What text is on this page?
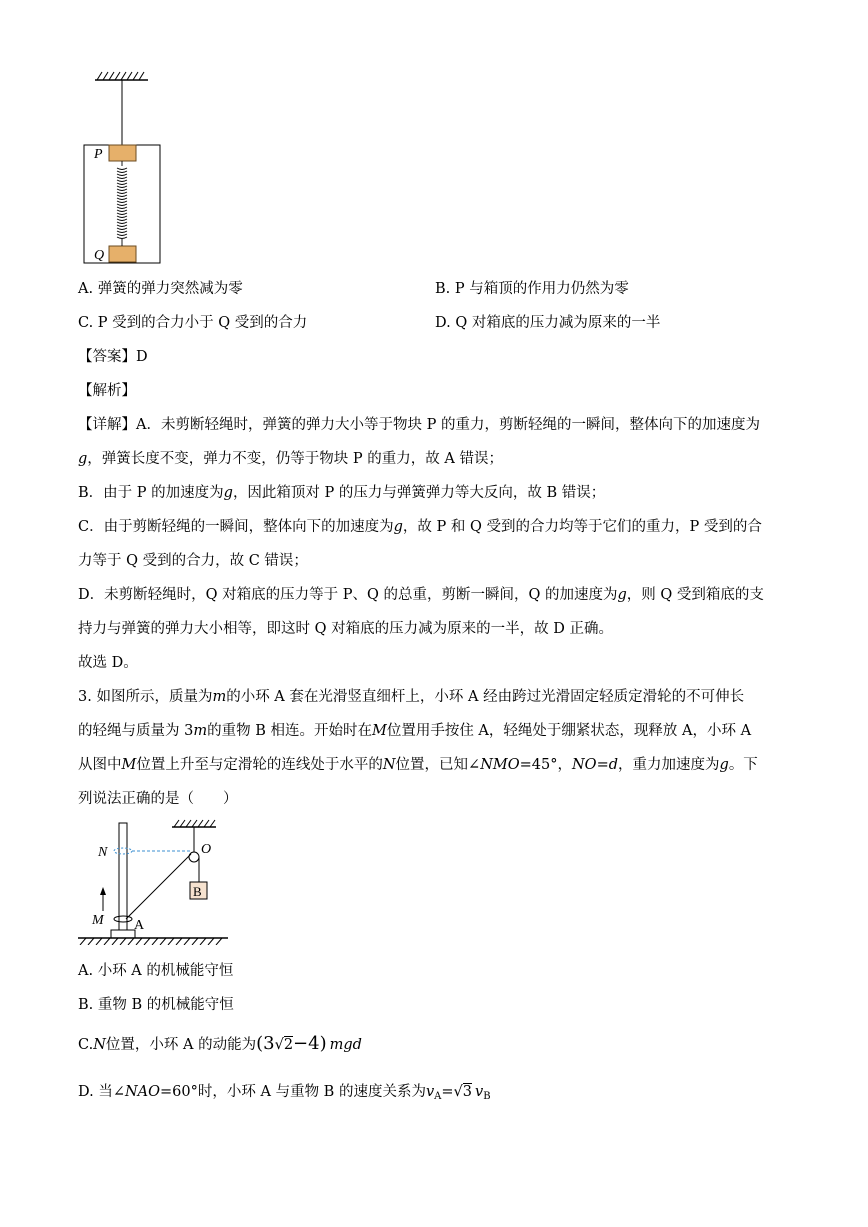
P
Q
A. 弹簧的弹力突然减为零	B. P 与箱顶的作用力仍然为零
C. P 受到的合力小于 Q 受到的合力	D. Q 对箱底的压力减为原来的一半
【答案】D
【解析】
【详解】A．未剪断轻绳时，弹簧的弹力大小等于物块 P 的重力，剪断轻绳的一瞬间，整体向下的加速度为
g，弹簧长度不变，弹力不变，仍等于物块 P 的重力，故 A 错误；
B．由于 P 的加速度为g，因此箱顶对 P 的压力与弹簧弹力等大反向，故 B 错误；
C．由于剪断轻绳的一瞬间，整体向下的加速度为g，故 P 和 Q 受到的合力均等于它们的重力，P 受到的合
力等于 Q 受到的合力，故 C 错误；
D．未剪断轻绳时，Q 对箱底的压力等于 P、Q 的总重，剪断一瞬间，Q 的加速度为g，则 Q 受到箱底的支
持力与弹簧的弹力大小相等，即这时 Q 对箱底的压力减为原来的一半，故 D 正确。
故选 D。
3. 如图所示，质量为m的小环 A 套在光滑竖直细杆上，小环 A 经由跨过光滑固定轻质定滑轮的不可伸长
的轻绳与质量为 3m的重物 B 相连。开始时在M位置用手按住 A，轻绳处于绷紧状态，现释放 A，小环 A
从图中M位置上升至与定滑轮的连线处于水平的N位置，已知∠NMO=45°，NO=d，重力加速度为g。下
列说法正确的是（　　）
B
N	O
M A
A. 小环 A 的机械能守恒
B. 重物 B 的机械能守恒
C.N位置，小环 A 的动能为(3√2−4) mgd
D. 当∠NAO=60°时，小环 A 与重物 B 的速度关系为$v_A=√3$ $v_B$
